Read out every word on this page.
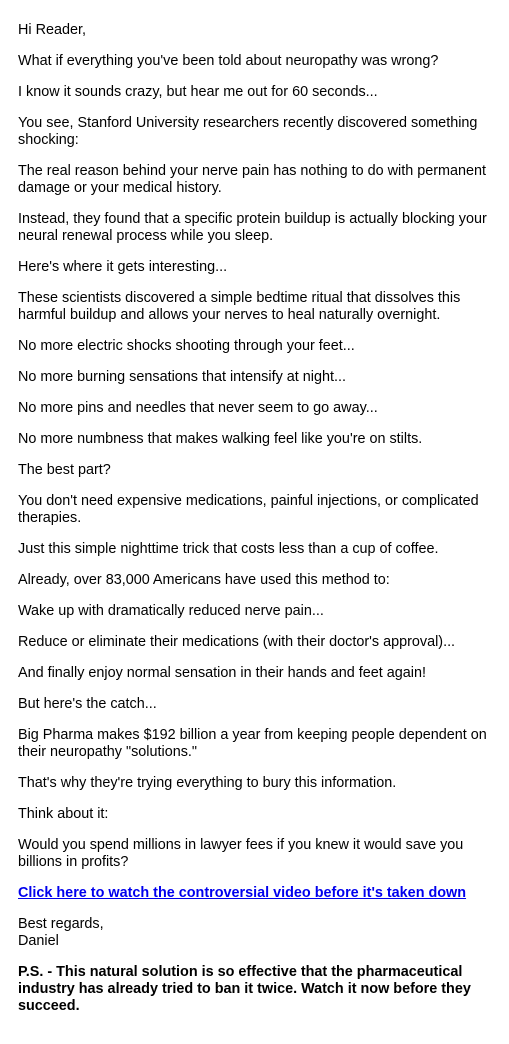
Hi Reader,

What if everything you've been told about neuropathy was wrong?

I know it sounds crazy, but hear me out for 60 seconds...

You see, Stanford University researchers recently discovered something shocking:

The real reason behind your nerve pain has nothing to do with permanent damage or your medical history.

Instead, they found that a specific protein buildup is actually blocking your neural renewal process while you sleep.

Here's where it gets interesting...

These scientists discovered a simple bedtime ritual that dissolves this harmful buildup and allows your nerves to heal naturally overnight.

No more electric shocks shooting through your feet...

No more burning sensations that intensify at night...

No more pins and needles that never seem to go away...

No more numbness that makes walking feel like you're on stilts.

The best part?

You don't need expensive medications, painful injections, or complicated therapies.

Just this simple nighttime trick that costs less than a cup of coffee.

Already, over 83,000 Americans have used this method to:

Wake up with dramatically reduced nerve pain...

Reduce or eliminate their medications (with their doctor's approval)...

And finally enjoy normal sensation in their hands and feet again!

But here's the catch...

Big Pharma makes $192 billion a year from keeping people dependent on their neuropathy "solutions."

That's why they're trying everything to bury this information.

Think about it:

Would you spend millions in lawyer fees if you knew it would save you billions in profits?

Click here to watch the controversial video before it's taken down

Best regards,
Daniel

P.S. - This natural solution is so effective that the pharmaceutical industry has already tried to ban it twice. Watch it now before they succeed.
